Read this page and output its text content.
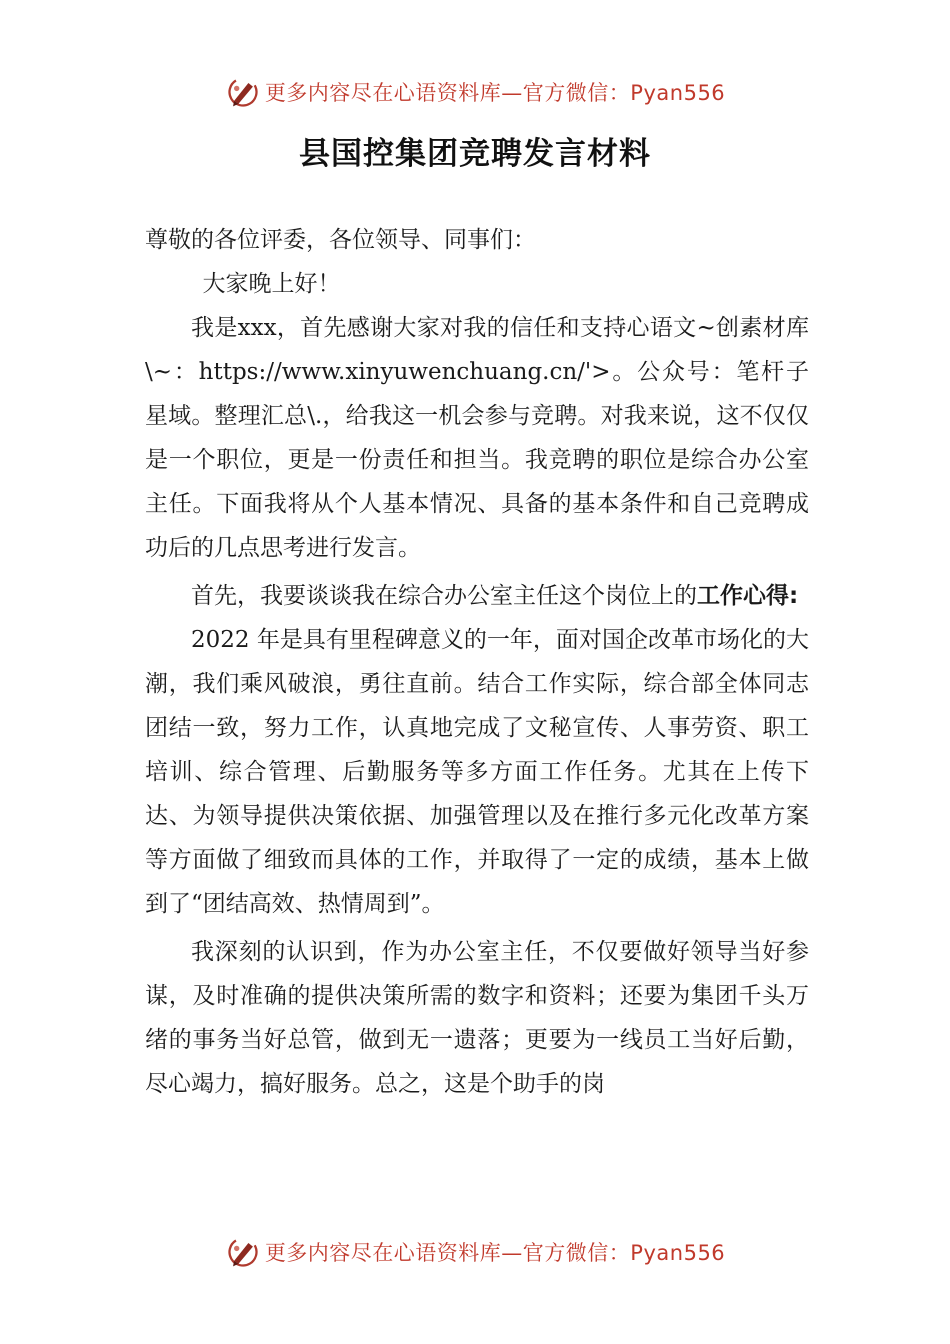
更多内容尽在心语资料库—官方微信：Pyan556
县国控集团竞聘发言材料

尊敬的各位评委，各位领导、同事们：

大家晚上好！

我是xxx，首先感谢大家对我的信任和支持心语文~创素材库\~：https://www.xinyuwenchuang.cn/'>。公众号：笔杆子星域。整理汇总\.，给我这一机会参与竞聘。对我来说，这不仅仅是一个职位，更是一份责任和担当。我竞聘的职位是综合办公室主任。下面我将从个人基本情况、具备的基本条件和自己竞聘成功后的几点思考进行发言。

首先，我要谈谈我在综合办公室主任这个岗位上的工作心得:

2022 年是具有里程碑意义的一年，面对国企改革市场化的大潮，我们乘风破浪，勇往直前。结合工作实际，综合部全体同志团结一致，努力工作，认真地完成了文秘宣传、人事劳资、职工培训、综合管理、后勤服务等多方面工作任务。尤其在上传下达、为领导提供决策依据、加强管理以及在推行多元化改革方案等方面做了细致而具体的工作，并取得了一定的成绩，基本上做到了“团结高效、热情周到”。

我深刻的认识到，作为办公室主任，不仅要做好领导当好参谋，及时准确的提供决策所需的数字和资料；还要为集团千头万绪的事务当好总管，做到无一遗落；更要为一线员工当好后勤，尽心竭力，搞好服务。总之，这是个助手的岗

更多内容尽在心语资料库—官方微信：Pyan556
